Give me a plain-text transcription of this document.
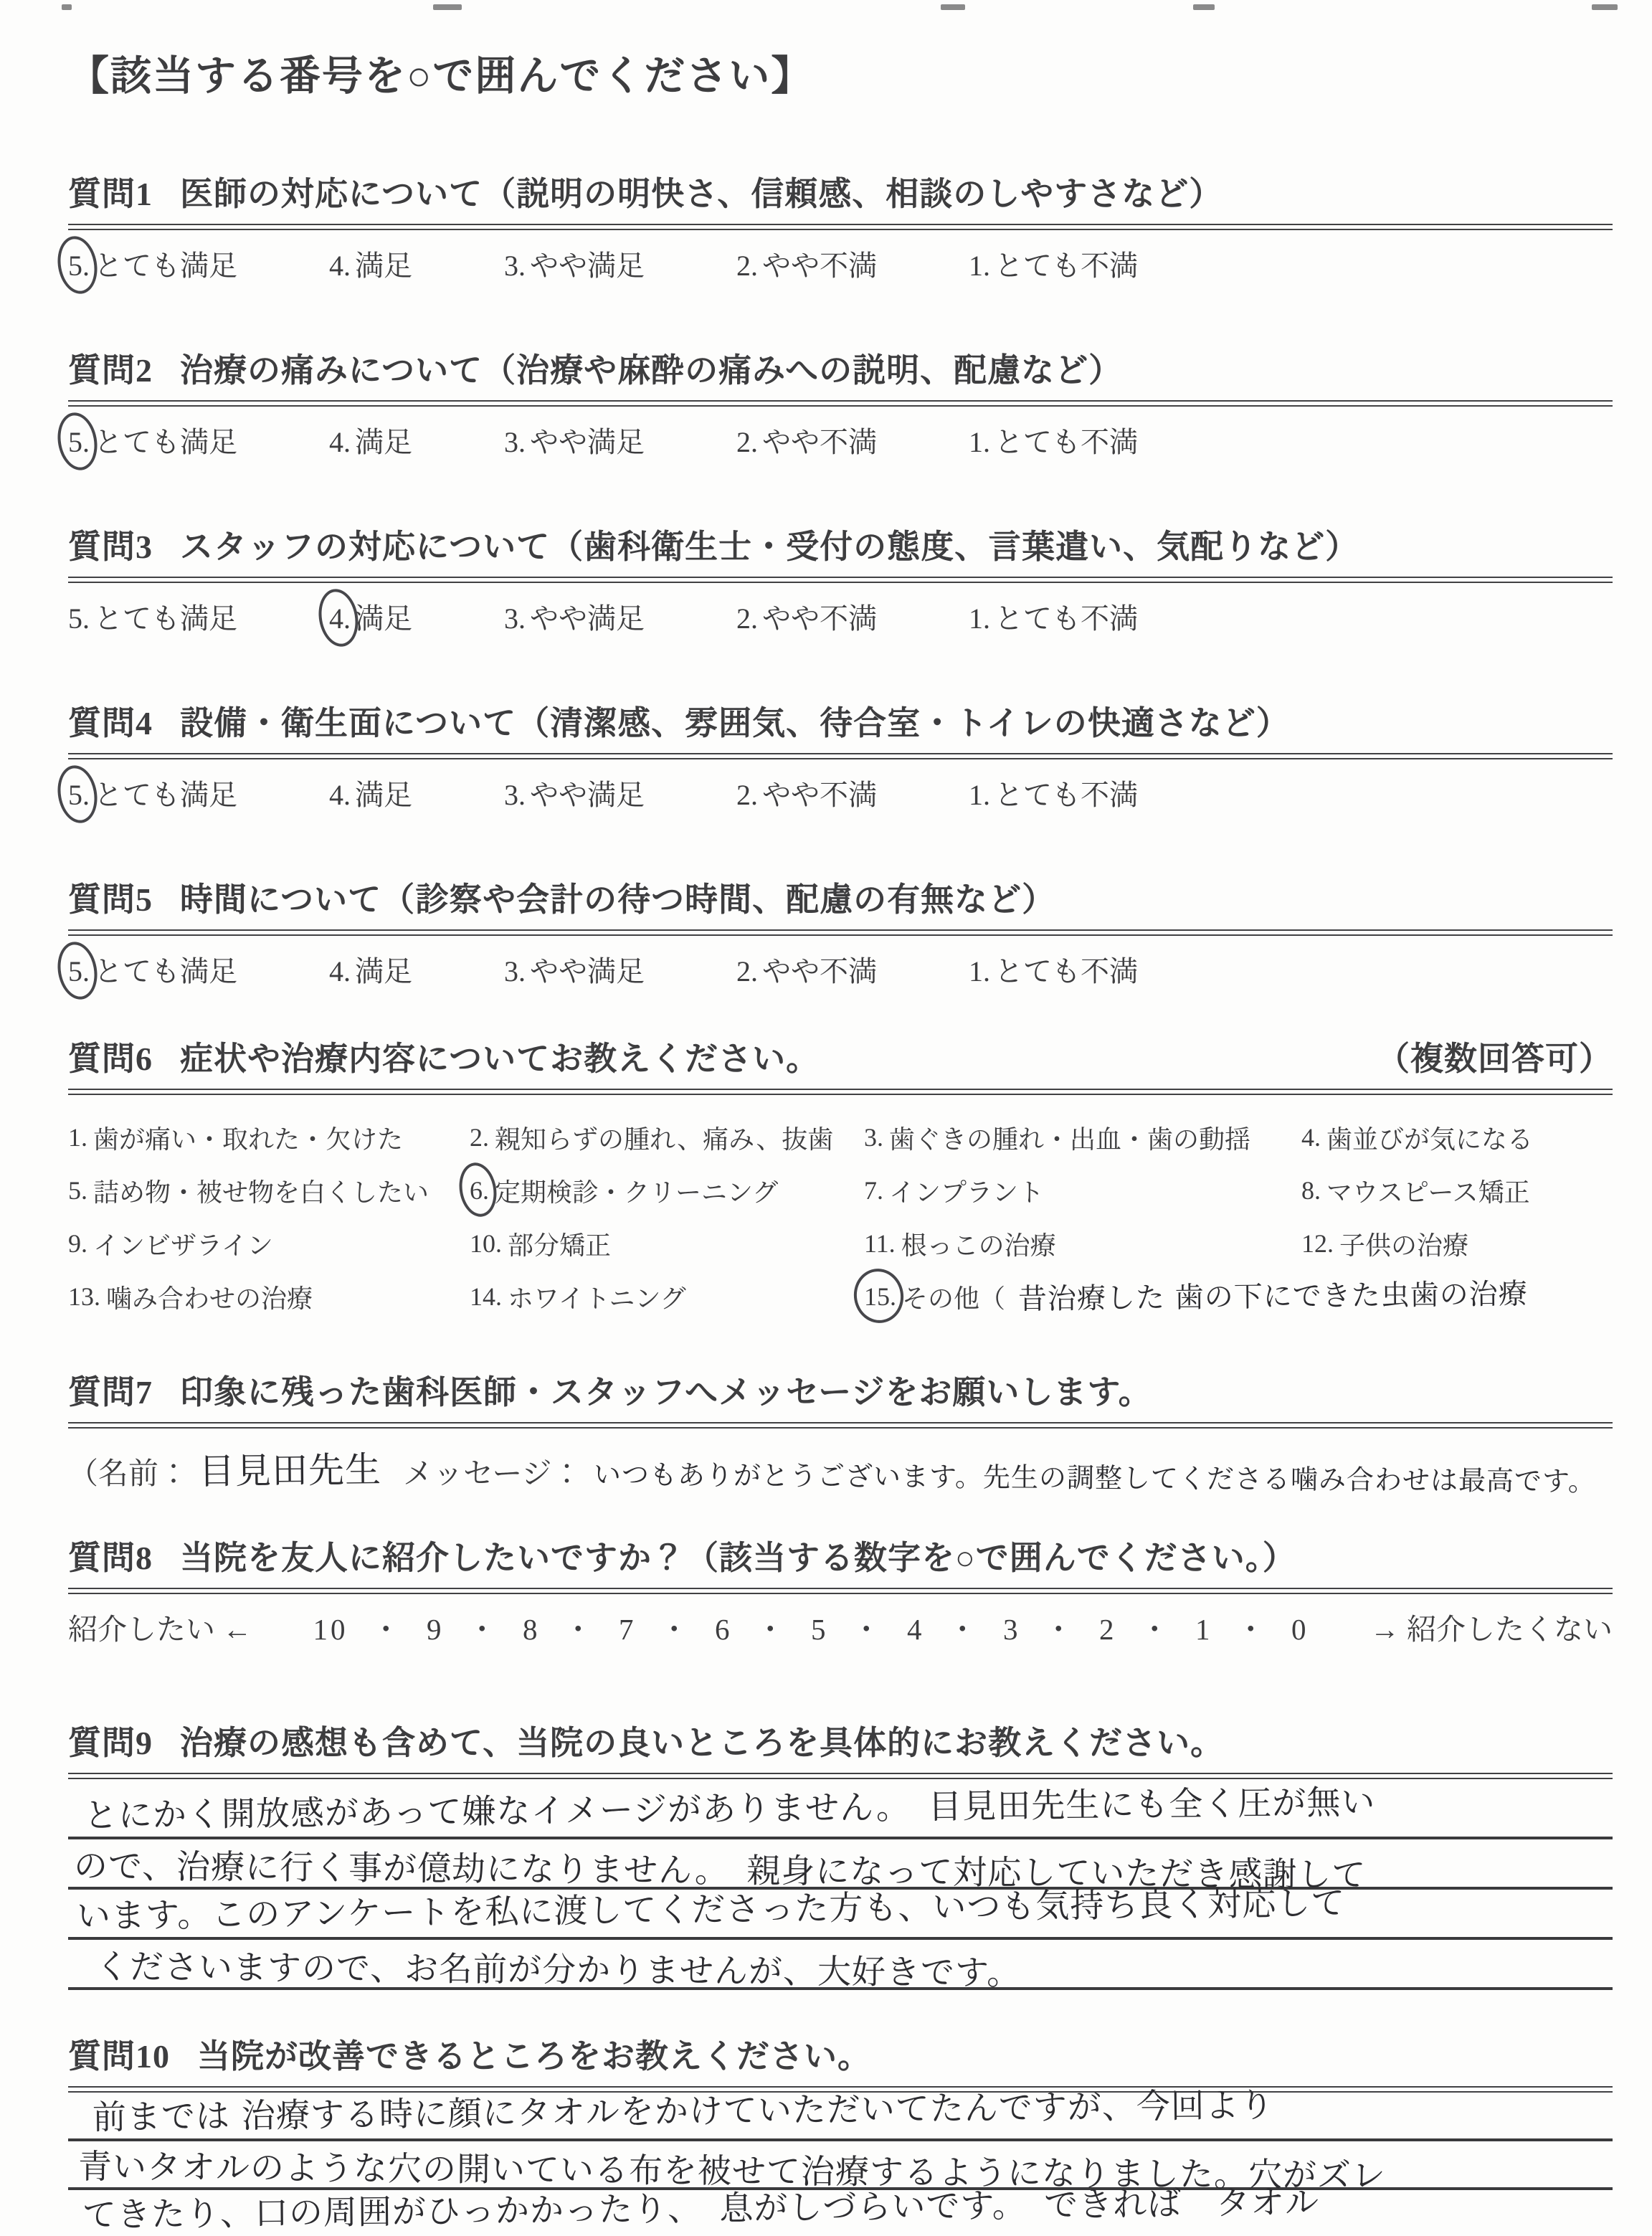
【該当する番号を○で囲んでください】
質問1 医師の対応について（説明の明快さ、信頼感、相談のしやすさなど）
5. とても満足	4. 満足	3. やや満足	2. やや不満	1. とても不満
質問2 治療の痛みについて（治療や麻酔の痛みへの説明、配慮など）
5. とても満足	4. 満足	3. やや満足	2. やや不満	1. とても不満
質問3 スタッフの対応について（歯科衛生士・受付の態度、言葉遣い、気配りなど）
5. とても満足	4. 満足	3. やや満足	2. やや不満	1. とても不満
質問4 設備・衛生面について（清潔感、雰囲気、待合室・トイレの快適さなど）
5. とても満足	4. 満足	3. やや満足	2. やや不満	1. とても不満
質問5 時間について（診察や会計の待つ時間、配慮の有無など）
5. とても満足	4. 満足	3. やや満足	2. やや不満	1. とても不満
質問6 症状や治療内容についてお教えください。	（複数回答可）
1. 歯が痛い・取れた・欠けた	2. 親知らずの腫れ、痛み、抜歯 3. 歯ぐきの腫れ・出血・歯の動揺 4. 歯並びが気になる
5. 詰め物・被せ物を白くしたい 6. 定期検診・クリーニング	7. インプラント	8. マウスピース矯正
9. インビザライン	10. 部分矯正	11. 根っこの治療	12. 子供の治療
13. 噛み合わせの治療	14. ホワイトニング	15. その他（ 昔治療した 歯の下にできた虫歯の治療
質問7 印象に残った歯科医師・スタッフへメッセージをお願いします。
（名前： 目見田先生 メッセージ： いつもありがとうございます。先生の調整してくださる噛み合わせは最高です。
質問8 当院を友人に紹介したいですか？（該当する数字を○で囲んでください。）
紹介したい ←	10 ・ 9 ・ 8 ・ 7 ・ 6 ・ 5 ・ 4 ・ 3 ・ 2 ・ 1 ・ 0	→ 紹介したくない
質問9 治療の感想も含めて、当院の良いところを具体的にお教えください。
とにかく開放感があって嫌なイメージがありません。　目見田先生にも全く圧が無い
ので、治療に行く事が億劫になりません。　親身になって対応していただき感謝して
います。このアンケートを私に渡してくださった方も、いつも気持ち良く対応して
くださいますので、お名前が分かりませんが、大好きです。
質問10 当院が改善できるところをお教えください。
前までは 治療する時に顔にタオルをかけていただいてたんですが、今回より
青いタオルのような穴の開いている布を被せて治療するようになりました。穴がズレ
てきたり、口の周囲がひっかかったり、　息がしづらいです。　できれば　タオル
